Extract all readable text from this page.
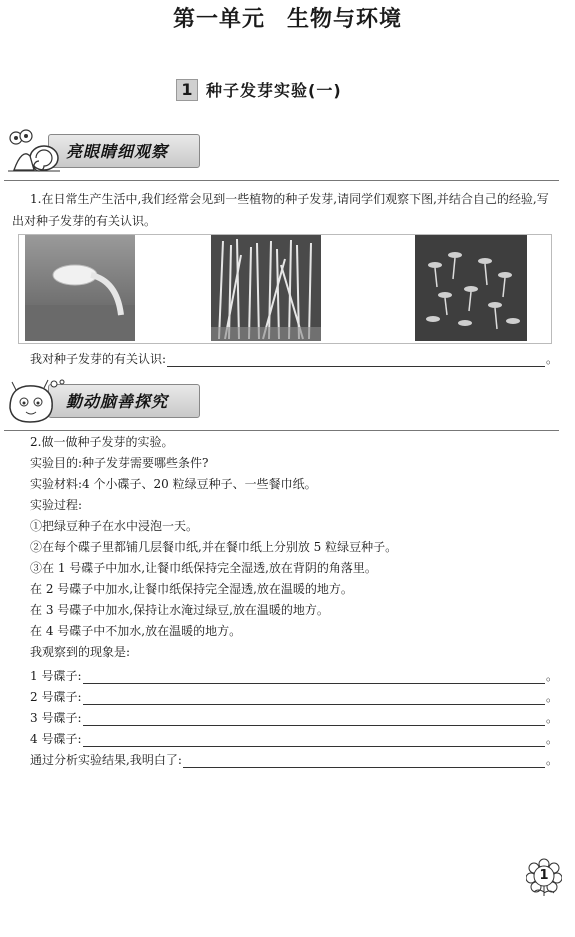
第一单元 生物与环境
1 种子发芽实验(一)
亮眼睛细观察
1.在日常生产生活中,我们经常会见到一些植物的种子发芽,请同学们观察下图,并结合自己的经验,写出对种子发芽的有关认识。
我对种子发芽的有关认识:	。
勤动脑善探究
2.做一做种子发芽的实验。
实验目的:种子发芽需要哪些条件?
实验材料:4 个小碟子、20 粒绿豆种子、一些餐巾纸。
实验过程:
①把绿豆种子在水中浸泡一天。
②在每个碟子里都铺几层餐巾纸,并在餐巾纸上分别放 5 粒绿豆种子。
③在 1 号碟子中加水,让餐巾纸保持完全湿透,放在背阴的角落里。
在 2 号碟子中加水,让餐巾纸保持完全湿透,放在温暖的地方。
在 3 号碟子中加水,保持让水淹过绿豆,放在温暖的地方。
在 4 号碟子中不加水,放在温暖的地方。
我观察到的现象是:
1 号碟子:	。
2 号碟子:	。
3 号碟子:	。
4 号碟子:	。
通过分析实验结果,我明白了:	。
1
